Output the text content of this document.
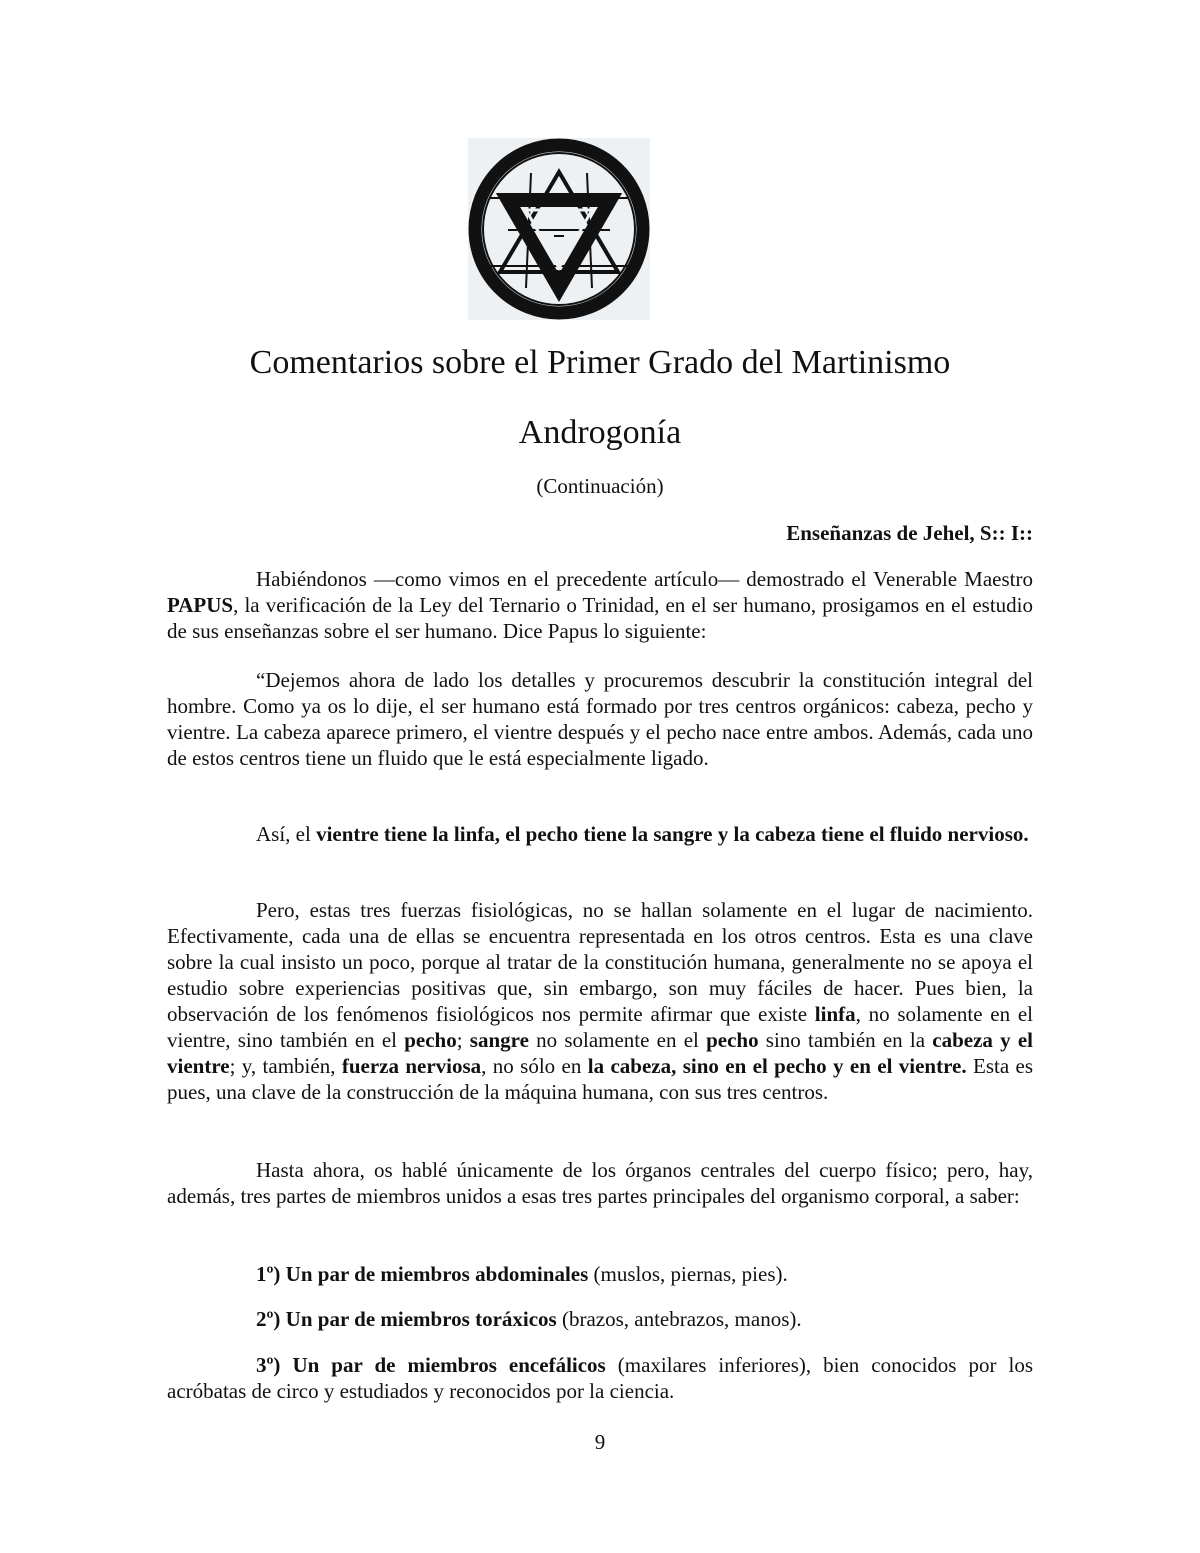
Comentarios sobre el Primer Grado del Martinismo
Androgonía
(Continuación)
Enseñanzas de Jehel, S:: I::

Habiéndonos —como vimos en el precedente artículo— demostrado el Venerable Maestro PAPUS, la verificación de la Ley del Ternario o Trinidad, en el ser humano, prosigamos en el estudio de sus enseñanzas sobre el ser humano. Dice Papus lo siguiente:

“Dejemos ahora de lado los detalles y procuremos descubrir la constitución integral del hombre. Como ya os lo dije, el ser humano está formado por tres centros orgánicos: cabeza, pecho y vientre. La cabeza aparece primero, el vientre después y el pecho nace entre ambos. Además, cada uno de estos centros tiene un fluido que le está especialmente ligado.

Así, el vientre tiene la linfa, el pecho tiene la sangre y la cabeza tiene el fluido nervioso.

Pero, estas tres fuerzas fisiológicas, no se hallan solamente en el lugar de nacimiento. Efectivamente, cada una de ellas se encuentra representada en los otros centros. Esta es una clave sobre la cual insisto un poco, porque al tratar de la constitución humana, generalmente no se apoya el estudio sobre experiencias positivas que, sin embargo, son muy fáciles de hacer. Pues bien, la observación de los fenómenos fisiológicos nos permite afirmar que existe linfa, no solamente en el vientre, sino también en el pecho; sangre no solamente en el pecho sino también en la cabeza y el vientre; y, también, fuerza nerviosa, no sólo en la cabeza, sino en el pecho y en el vientre. Esta es pues, una clave de la construcción de la máquina humana, con sus tres centros.

Hasta ahora, os hablé únicamente de los órganos centrales del cuerpo físico; pero, hay, además, tres partes de miembros unidos a esas tres partes principales del organismo corporal, a saber:

1º) Un par de miembros abdominales (muslos, piernas, pies).

2º) Un par de miembros toráxicos (brazos, antebrazos, manos).

3º) Un par de miembros encefálicos (maxilares inferiores), bien conocidos por los acróbatas de circo y estudiados y reconocidos por la ciencia.

9
